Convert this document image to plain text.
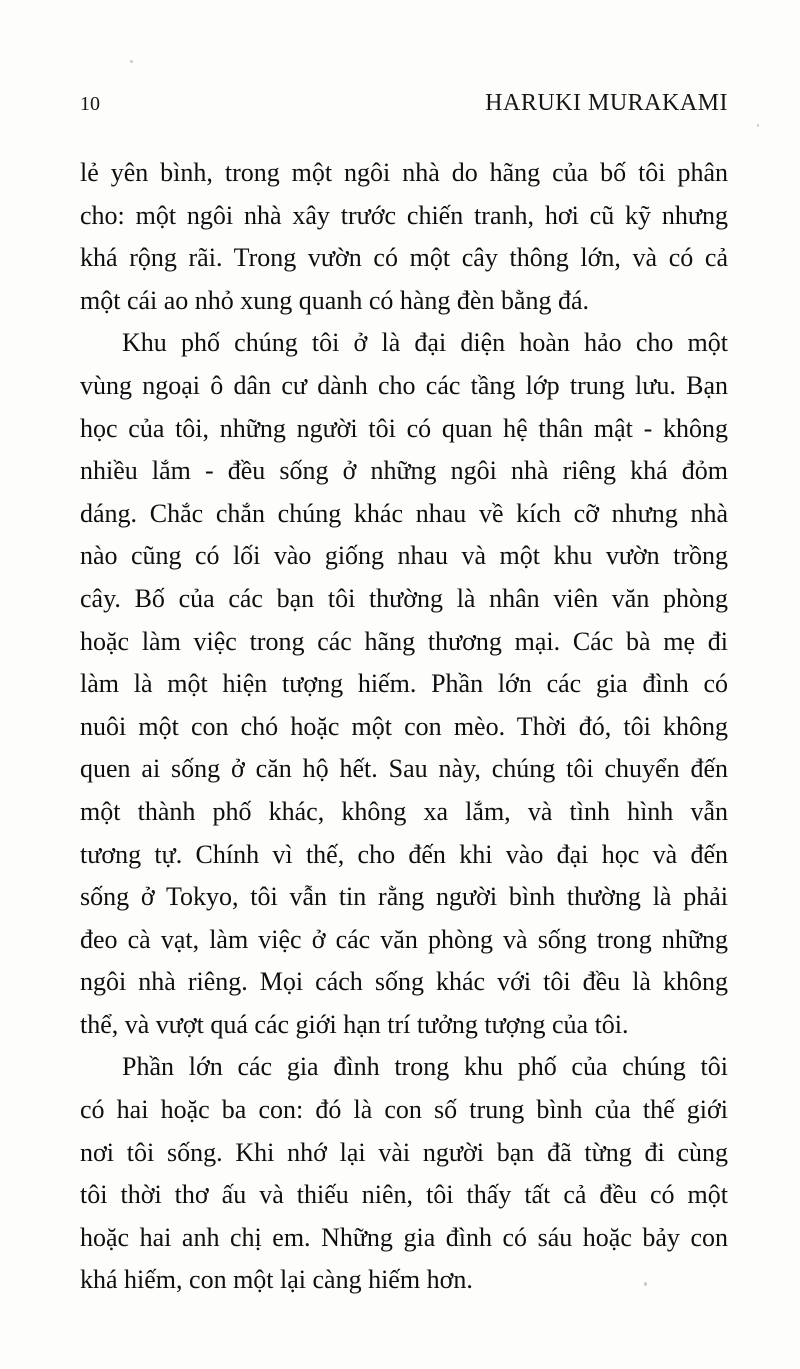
10	HARUKI MURAKAMI
lẻ yên bình, trong một ngôi nhà do hãng của bố tôi phân
cho: một ngôi nhà xây trước chiến tranh, hơi cũ kỹ nhưng
khá rộng rãi. Trong vườn có một cây thông lớn, và có cả
một cái ao nhỏ xung quanh có hàng đèn bằng đá.
Khu phố chúng tôi ở là đại diện hoàn hảo cho một
vùng ngoại ô dân cư dành cho các tầng lớp trung lưu. Bạn
học của tôi, những người tôi có quan hệ thân mật - không
nhiều lắm - đều sống ở những ngôi nhà riêng khá đỏm
dáng. Chắc chắn chúng khác nhau về kích cỡ nhưng nhà
nào cũng có lối vào giống nhau và một khu vườn trồng
cây. Bố của các bạn tôi thường là nhân viên văn phòng
hoặc làm việc trong các hãng thương mại. Các bà mẹ đi
làm là một hiện tượng hiếm. Phần lớn các gia đình có
nuôi một con chó hoặc một con mèo. Thời đó, tôi không
quen ai sống ở căn hộ hết. Sau này, chúng tôi chuyển đến
một thành phố khác, không xa lắm, và tình hình vẫn
tương tự. Chính vì thế, cho đến khi vào đại học và đến
sống ở Tokyo, tôi vẫn tin rằng người bình thường là phải
đeo cà vạt, làm việc ở các văn phòng và sống trong những
ngôi nhà riêng. Mọi cách sống khác với tôi đều là không
thể, và vượt quá các giới hạn trí tưởng tượng của tôi.
Phần lớn các gia đình trong khu phố của chúng tôi
có hai hoặc ba con: đó là con số trung bình của thế giới
nơi tôi sống. Khi nhớ lại vài người bạn đã từng đi cùng
tôi thời thơ ấu và thiếu niên, tôi thấy tất cả đều có một
hoặc hai anh chị em. Những gia đình có sáu hoặc bảy con
khá hiếm, con một lại càng hiếm hơn.
